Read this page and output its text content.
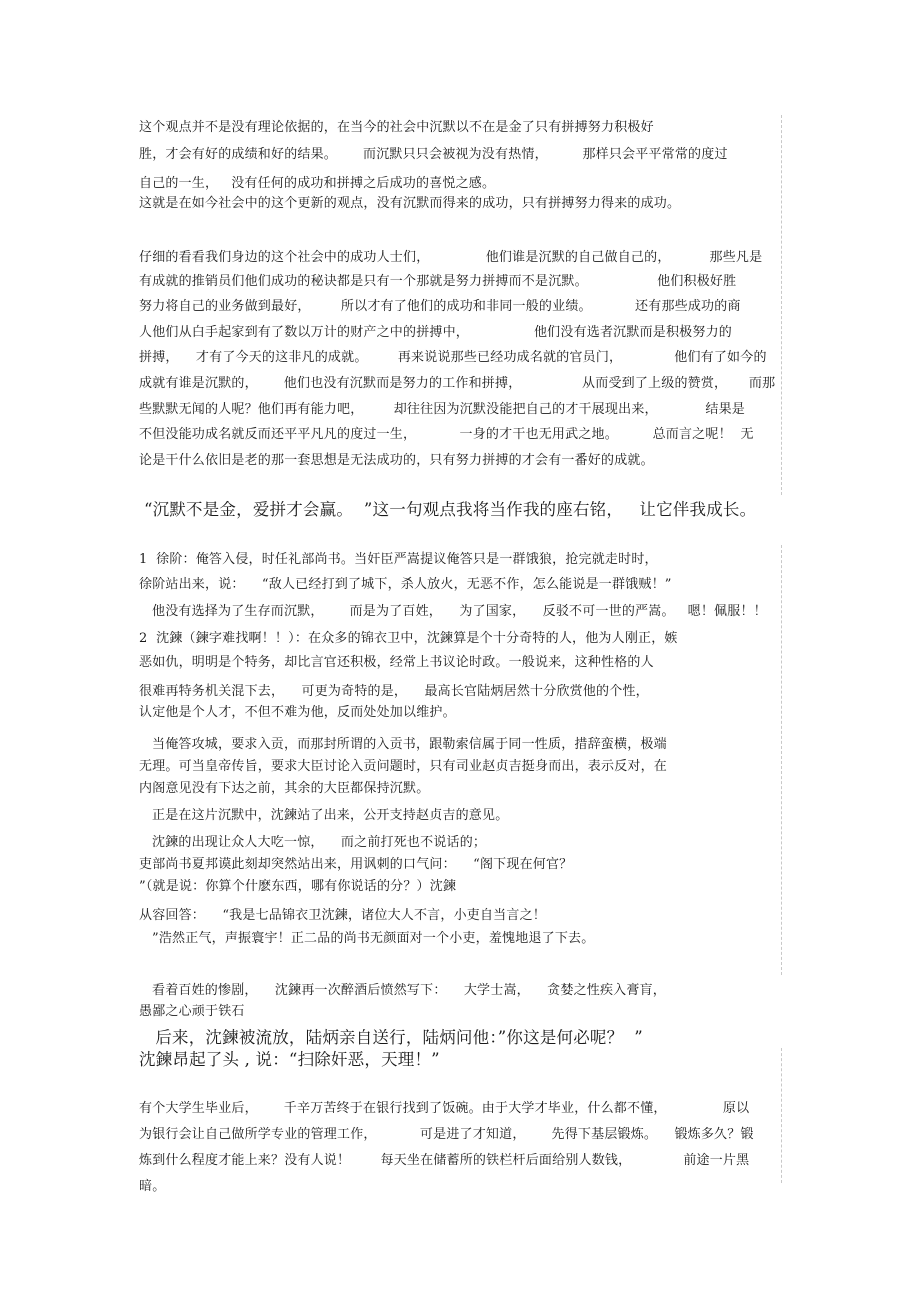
这个观点并不是没有理论依据的，在当今的社会中沉默以不在是金了只有拼搏努力积极好
胜，才会有好的成绩和好的结果。      而沉默只只会被视为没有热情，        那样只会平平常常的度过
自己的一生，   没有任何的成功和拼搏之后成功的喜悦之感。
这就是在如今社会中的这个更新的观点，没有沉默而得来的成功，只有拼搏努力得来的成功。
仔细的看看我们身边的这个社会中的成功人士们，             他们谁是沉默的自己做自己的，         那些凡是
有成就的推销员们他们成功的秘诀都是只有一个那就是努力拼搏而不是沉默。                他们积极好胜
努力将自己的业务做到最好，       所以才有了他们的成功和非同一般的业绩。          还有那些成功的商
人他们从白手起家到有了数以万计的财产之中的拼搏中，               他们没有选者沉默而是积极努力的
拼搏，    才有了今天的这非凡的成就。       再来说说那些已经功成名就的官员门，            他们有了如今的
成就有谁是沉默的，      他们也没有沉默而是努力的工作和拼搏，              从而受到了上级的赞赏，     而那
些默默无闻的人呢？他们再有能力吧，       却往往因为沉默没能把自己的才干展现出来，           结果是
不但没能功成名就反而还平平凡凡的度过一生，          一身的才干也无用武之地。        总而言之呢！  无
论是干什么依旧是老的那一套思想是无法成功的，只有努力拼搏的才会有一番好的成就。
“沉默不是金，爱拼才会赢。  ”这一句观点我将当作我的座右铭，   让它伴我成长。
1  徐阶：俺答入侵，时任礼部尚书。当奸臣严嵩提议俺答只是一群饿狼，抢完就走时时，
徐阶站出来，说：    “敌人已经打到了城下，杀人放火，无恶不作，怎么能说是一群饿贼！”
他没有选择为了生存而沉默，      而是为了百姓，    为了国家，    反驳不可一世的严嵩。   嗯！佩服！！
2  沈鍊（鍊字难找啊！！）：在众多的锦衣卫中，沈鍊算是个十分奇特的人，他为人刚正，嫉
恶如仇，明明是个特务，却比言官还积极，经常上书议论时政。一般说来，这种性格的人
很难再特务机关混下去，    可更为奇特的是，    最高长官陆炳居然十分欣赏他的个性，
认定他是个人才，不但不难为他，反而处处加以维护。
当俺答攻城，要求入贡，而那封所谓的入贡书，跟勒索信属于同一性质，措辞蛮横，极端
无理。可当皇帝传旨，要求大臣讨论入贡问题时，只有司业赵贞吉挺身而出，表示反对，在
内阁意见没有下达之前，其余的大臣都保持沉默。
正是在这片沉默中，沈鍊站了出来，公开支持赵贞吉的意见。
沈鍊的出现让众人大吃一惊，    而之前打死也不说话的；
吏部尚书夏邦谟此刻却突然站出来，用讽刺的口气问：    “阁下现在何官？
”（就是说：你算个什麽东西，哪有你说话的分？）沈鍊
从容回答：    “我是七品锦衣卫沈鍊，诸位大人不言，小吏自当言之！
”浩然正气，声振寰宇！正二品的尚书无颜面对一个小吏，羞愧地退了下去。
看着百姓的惨剧，    沈鍊再一次醉酒后愤然写下：    大学士嵩，    贪婪之性疾入膏肓，
愚鄙之心顽于铁石
后来，沈鍊被流放，陆炳亲自送行，陆炳问他：”你这是何必呢？  ”
沈鍊昂起了头 , 说：“扫除奸恶，天理！”
有个大学生毕业后，      千辛万苦终于在银行找到了饭碗。由于大学才毕业，什么都不懂，             原以
为银行会让自己做所学专业的管理工作，          可是进了才知道，      先得下基层锻炼。    锻炼多久？锻
炼到什么程度才能上来？没有人说！       每天坐在储蓄所的铁栏杆后面给别人数钱，            前途一片黑
暗。
